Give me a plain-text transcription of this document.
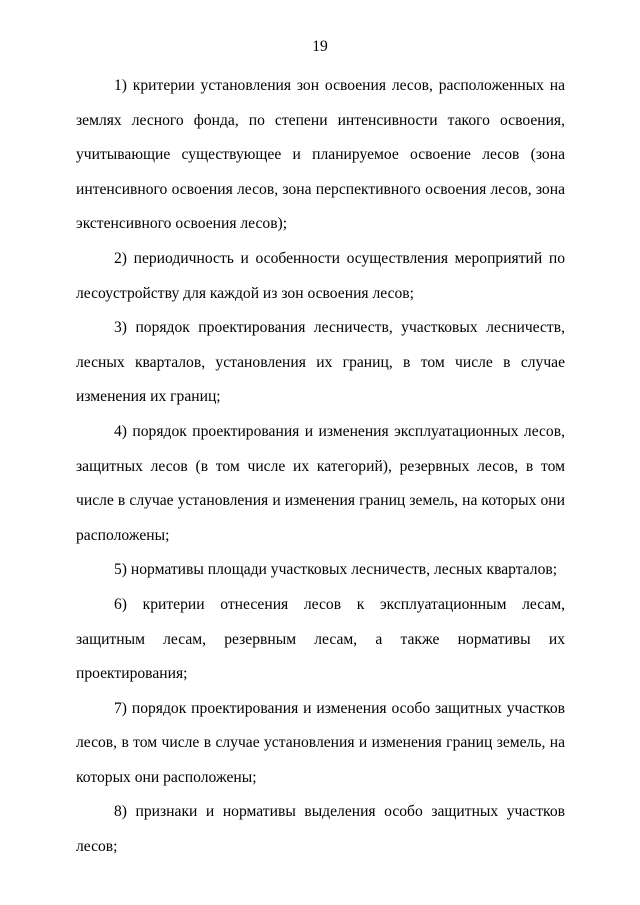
19

1) критерии установления зон освоения лесов, расположенных на землях лесного фонда, по степени интенсивности такого освоения, учитывающие существующее и планируемое освоение лесов (зона интенсивного освоения лесов, зона перспективного освоения лесов, зона экстенсивного освоения лесов);

2) периодичность и особенности осуществления мероприятий по лесоустройству для каждой из зон освоения лесов;

3) порядок проектирования лесничеств, участковых лесничеств, лесных кварталов, установления их границ, в том числе в случае изменения их границ;

4) порядок проектирования и изменения эксплуатационных лесов, защитных лесов (в том числе их категорий), резервных лесов, в том числе в случае установления и изменения границ земель, на которых они расположены;

5) нормативы площади участковых лесничеств, лесных кварталов;

6) критерии отнесения лесов к эксплуатационным лесам, защитным лесам, резервным лесам, а также нормативы их проектирования;

7) порядок проектирования и изменения особо защитных участков лесов, в том числе в случае установления и изменения границ земель, на которых они расположены;

8) признаки и нормативы выделения особо защитных участков лесов;
